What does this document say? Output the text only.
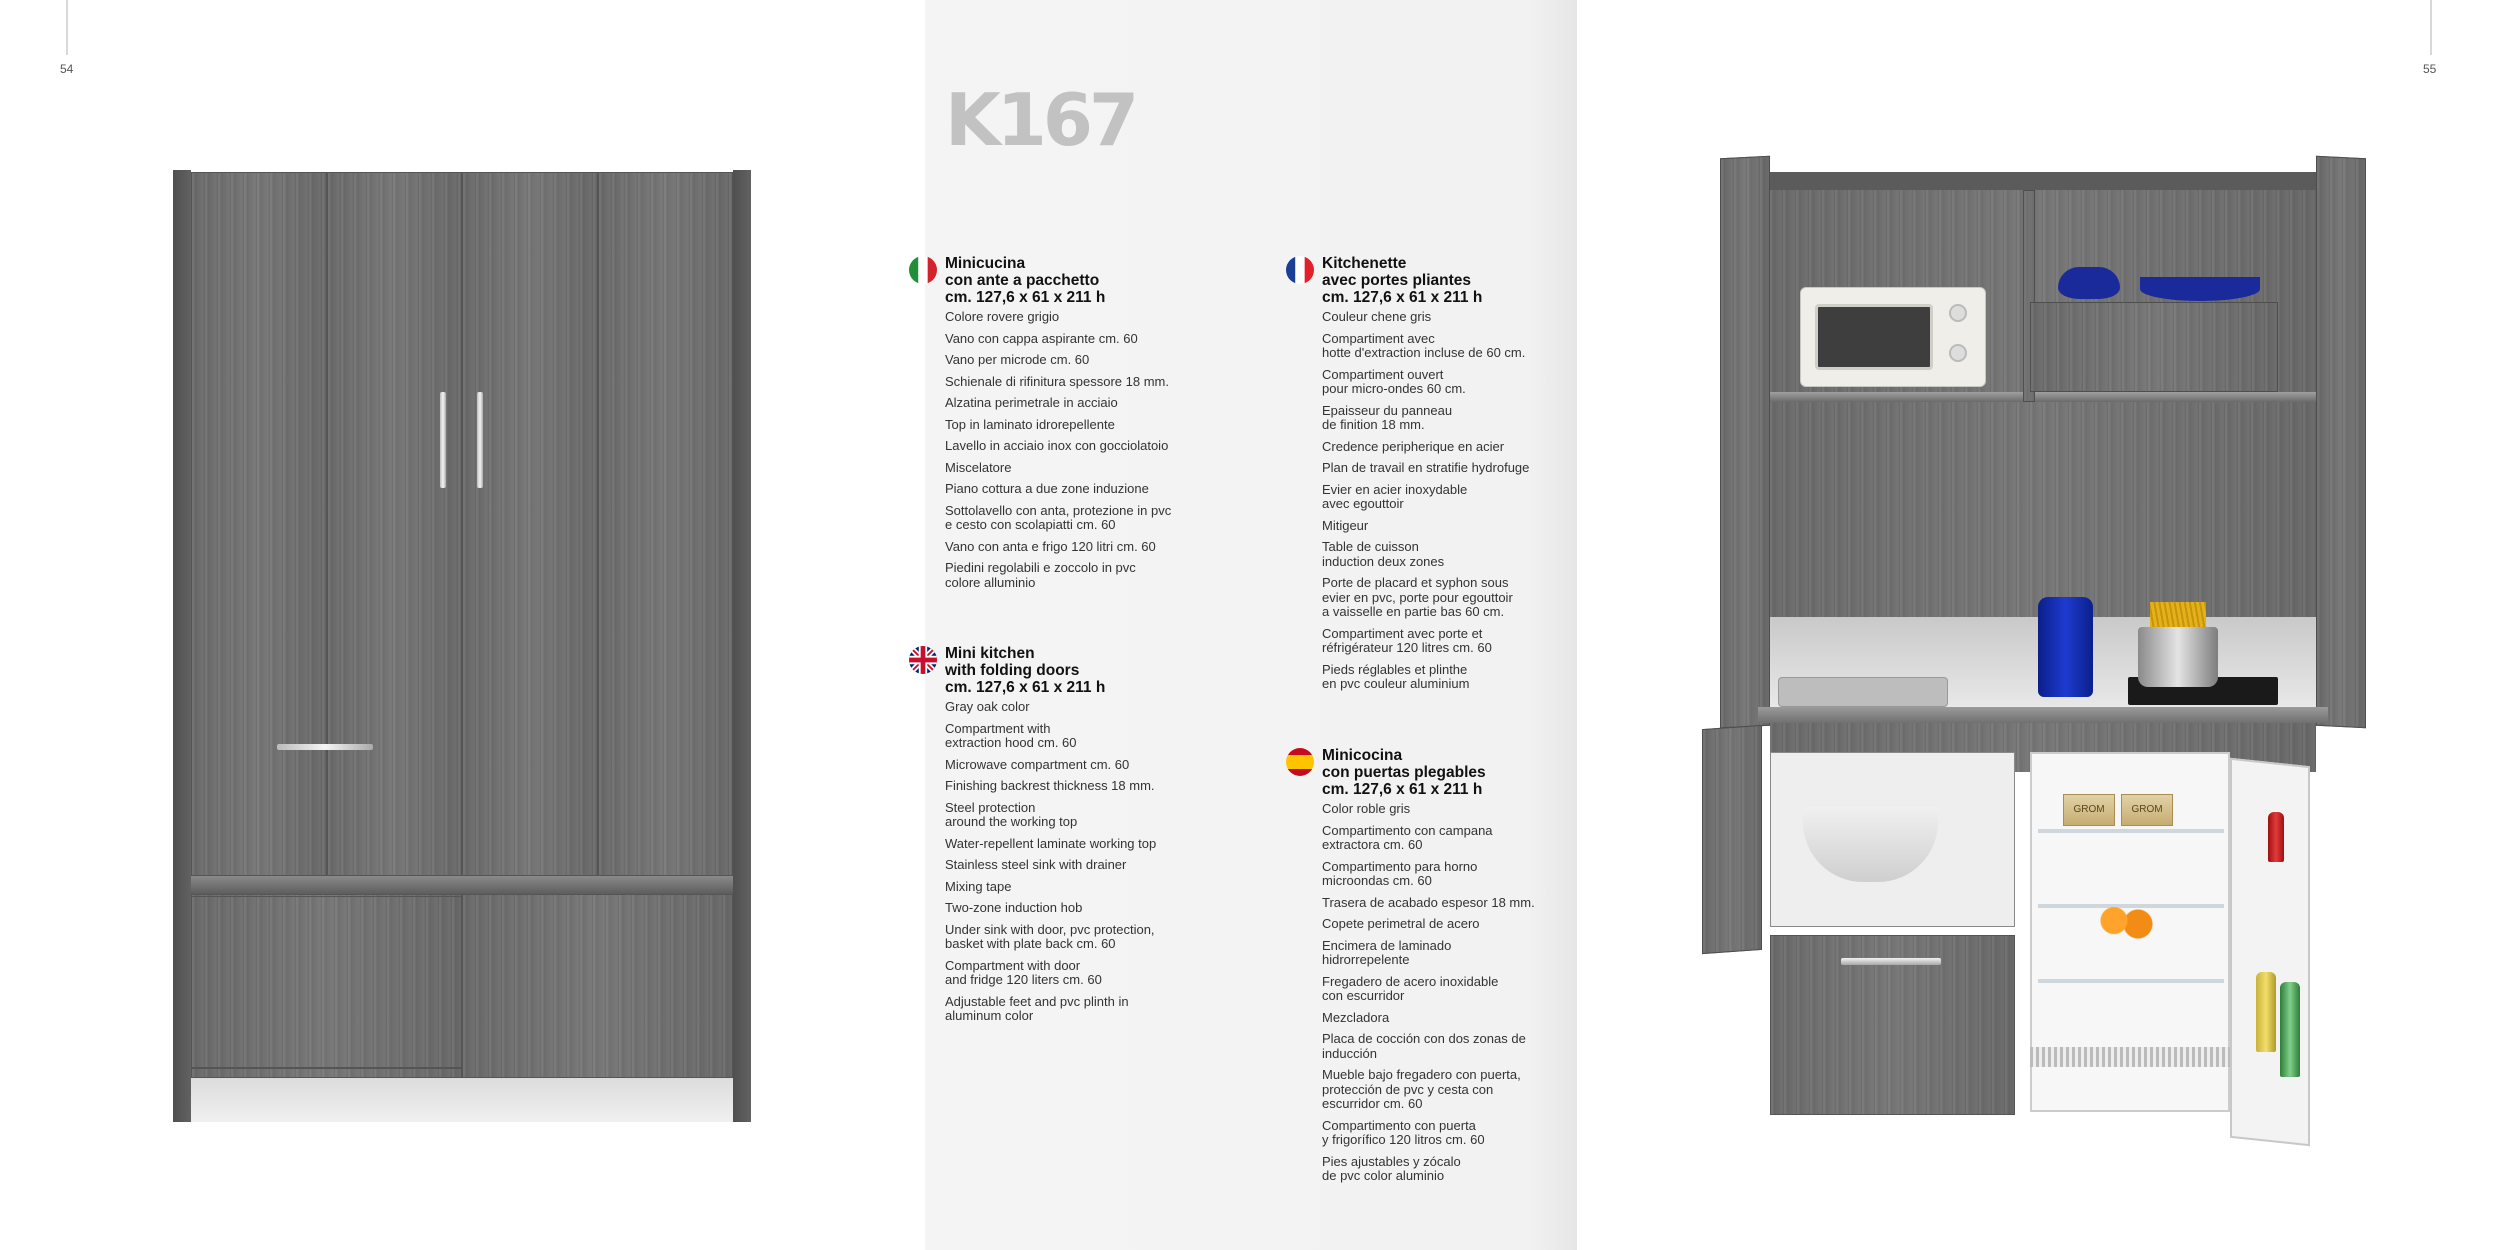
54	55
K167
GROM	GROM
Minicucina
con ante a pacchetto
cm. 127,6 x 61 x 211 h
Colore rovere grigio
Vano con cappa aspirante cm. 60
Vano per microde cm. 60
Schienale di rifinitura spessore 18 mm.
Alzatina perimetrale in acciaio
Top in laminato idrorepellente
Lavello in acciaio inox con gocciolatoio
Miscelatore
Piano cottura a due zone induzione
Sottolavello con anta, protezione in pvc
e cesto con scolapiatti cm. 60
Vano con anta e frigo 120 litri cm. 60
Piedini regolabili e zoccolo in pvc
colore alluminio
Mini kitchen
with folding doors
cm. 127,6 x 61 x 211 h
Gray oak color
Compartment with
extraction hood cm. 60
Microwave compartment cm. 60
Finishing backrest thickness 18 mm.
Steel protection
around the working top
Water-repellent laminate working top
Stainless steel sink with drainer
Mixing tape
Two-zone induction hob
Under sink with door, pvc protection,
basket with plate back cm. 60
Compartment with door
and fridge 120 liters cm. 60
Adjustable feet and pvc plinth in
aluminum color
Kitchenette
avec portes pliantes
cm. 127,6 x 61 x 211 h
Couleur chene gris
Compartiment avec
hotte d'extraction incluse de 60 cm.
Compartiment ouvert
pour micro-ondes 60 cm.
Epaisseur du panneau
de finition 18 mm.
Credence peripherique en acier
Plan de travail en stratifie hydrofuge
Evier en acier inoxydable
avec egouttoir
Mitigeur
Table de cuisson
induction deux zones
Porte de placard et syphon sous
evier en pvc, porte pour egouttoir
a vaisselle en partie bas 60 cm.
Compartiment avec porte et
réfrigérateur 120 litres cm. 60
Pieds réglables et plinthe
en pvc couleur aluminium
Minicocina
con puertas plegables
cm. 127,6 x 61 x 211 h
Color roble gris
Compartimento con campana
extractora cm. 60
Compartimento para horno
microondas cm. 60
Trasera de acabado espesor 18 mm.
Copete perimetral de acero
Encimera de laminado
hidrorrepelente
Fregadero de acero inoxidable
con escurridor
Mezcladora
Placa de cocción con dos zonas de
inducción
Mueble bajo fregadero con puerta,
protección de pvc y cesta con
escurridor cm. 60
Compartimento con puerta
y frigorífico 120 litros cm. 60
Pies ajustables y zócalo
de pvc color aluminio
